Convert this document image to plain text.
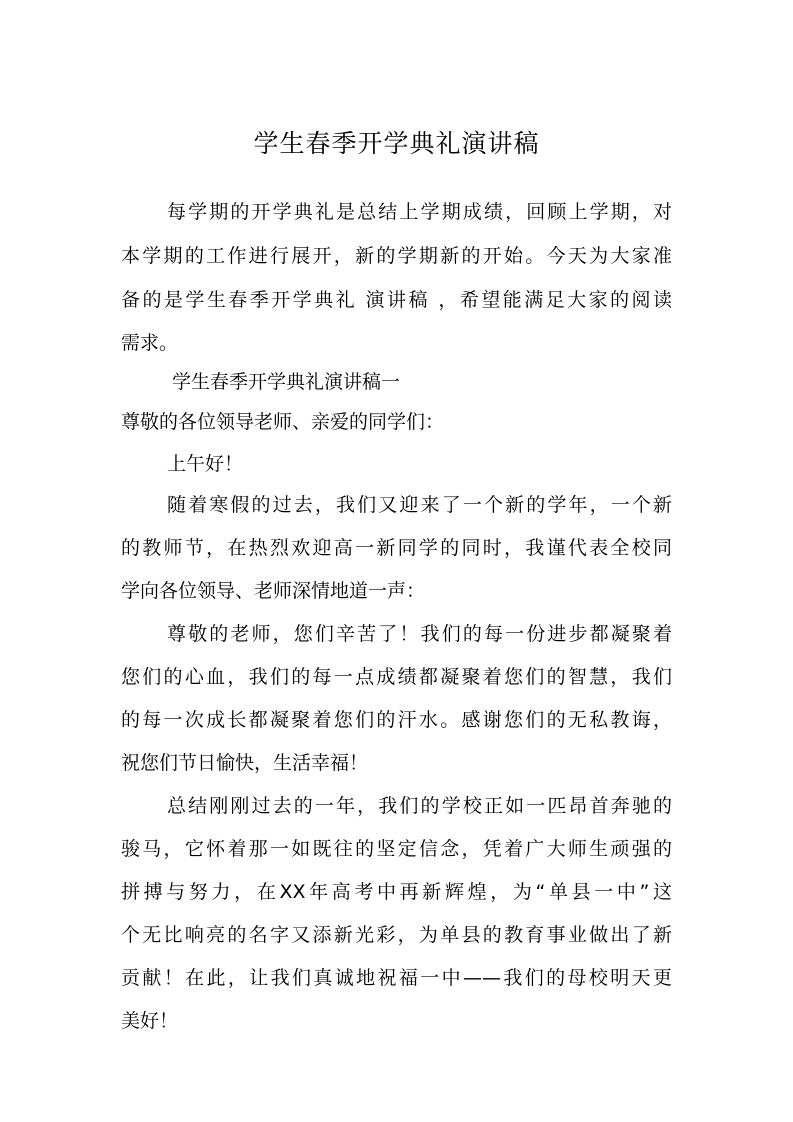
学生春季开学典礼演讲稿
每学期的开学典礼是总结上学期成绩，回顾上学期，对
本学期的工作进行展开，新的学期新的开始。今天为大家准
备的是学生春季开学典礼 演讲稿 ，希望能满足大家的阅读
需求。
学生春季开学典礼演讲稿一
尊敬的各位领导老师、亲爱的同学们：
上午好！
随着寒假的过去，我们又迎来了一个新的学年，一个新
的教师节，在热烈欢迎高一新同学的同时，我谨代表全校同
学向各位领导、老师深情地道一声：
尊敬的老师，您们辛苦了！我们的每一份进步都凝聚着
您们的心血，我们的每一点成绩都凝聚着您们的智慧，我们
的每一次成长都凝聚着您们的汗水。感谢您们的无私教诲，
祝您们节日愉快，生活幸福！
总结刚刚过去的一年，我们的学校正如一匹昂首奔驰的
骏马，它怀着那一如既往的坚定信念，凭着广大师生顽强的
拼搏与努力，在XX年高考中再新辉煌，为“单县一中”这
个无比响亮的名字又添新光彩，为单县的教育事业做出了新
贡献！在此，让我们真诚地祝福一中——我们的母校明天更
美好！
